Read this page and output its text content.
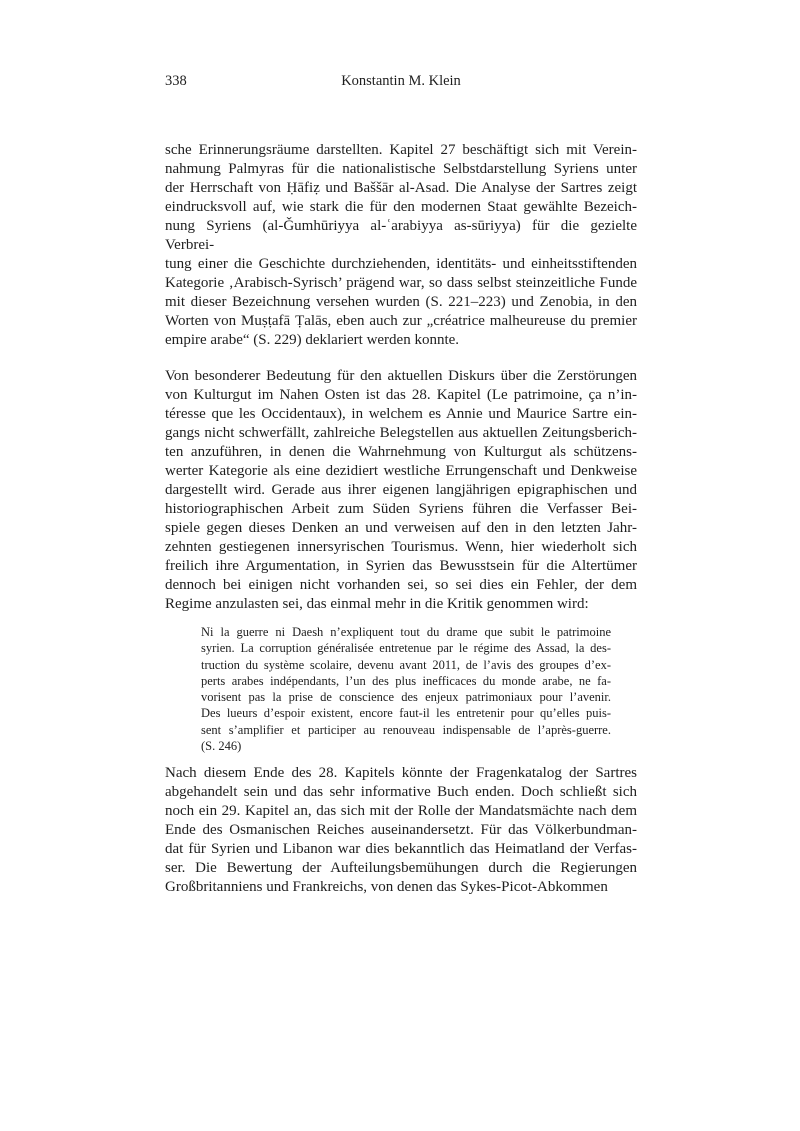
338	Konstantin M. Klein

sche Erinnerungsräume darstellten. Kapitel 27 beschäftigt sich mit Verein-
nahmung Palmyras für die nationalistische Selbstdarstellung Syriens unter
der Herrschaft von Ḥāfiẓ und Baššār al-Asad. Die Analyse der Sartres zeigt
eindrucksvoll auf, wie stark die für den modernen Staat gewählte Bezeich-
nung Syriens (al-Ǧumhūriyya al-ʿarabiyya as-sūriyya) für die gezielte Verbrei-
tung einer die Geschichte durchziehenden, identitäts- und einheitsstiftenden
Kategorie ‚Arabisch-Syrisch’ prägend war, so dass selbst steinzeitliche Funde
mit dieser Bezeichnung versehen wurden (S. 221–223) und Zenobia, in den
Worten von Muṣṭafā Ṭalās, eben auch zur „créatrice malheureuse du premier
empire arabe“ (S. 229) deklariert werden konnte.

Von besonderer Bedeutung für den aktuellen Diskurs über die Zerstörungen
von Kulturgut im Nahen Osten ist das 28. Kapitel (Le patrimoine, ça n’in-
téresse que les Occidentaux), in welchem es Annie und Maurice Sartre ein-
gangs nicht schwerfällt, zahlreiche Belegstellen aus aktuellen Zeitungsberich-
ten anzuführen, in denen die Wahrnehmung von Kulturgut als schützens-
werter Kategorie als eine dezidiert westliche Errungenschaft und Denkweise
dargestellt wird. Gerade aus ihrer eigenen langjährigen epigraphischen und
historiographischen Arbeit zum Süden Syriens führen die Verfasser Bei-
spiele gegen dieses Denken an und verweisen auf den in den letzten Jahr-
zehnten gestiegenen innersyrischen Tourismus. Wenn, hier wiederholt sich
freilich ihre Argumentation, in Syrien das Bewusstsein für die Altertümer
dennoch bei einigen nicht vorhanden sei, so sei dies ein Fehler, der dem
Regime anzulasten sei, das einmal mehr in die Kritik genommen wird:

Ni la guerre ni Daesh n’expliquent tout du drame que subit le patrimoine
syrien. La corruption généralisée entretenue par le régime des Assad, la des-
truction du système scolaire, devenu avant 2011, de l’avis des groupes d’ex-
perts arabes indépendants, l’un des plus inefficaces du monde arabe, ne fa-
vorisent pas la prise de conscience des enjeux patrimoniaux pour l’avenir.
Des lueurs d’espoir existent, encore faut-il les entretenir pour qu’elles puis-
sent s’amplifier et participer au renouveau indispensable de l’après-guerre.
(S. 246)

Nach diesem Ende des 28. Kapitels könnte der Fragenkatalog der Sartres
abgehandelt sein und das sehr informative Buch enden. Doch schließt sich
noch ein 29. Kapitel an, das sich mit der Rolle der Mandatsmächte nach dem
Ende des Osmanischen Reiches auseinandersetzt. Für das Völkerbundman-
dat für Syrien und Libanon war dies bekanntlich das Heimatland der Verfas-
ser. Die Bewertung der Aufteilungsbemühungen durch die Regierungen
Großbritanniens und Frankreichs, von denen das Sykes-Picot-Abkommen
